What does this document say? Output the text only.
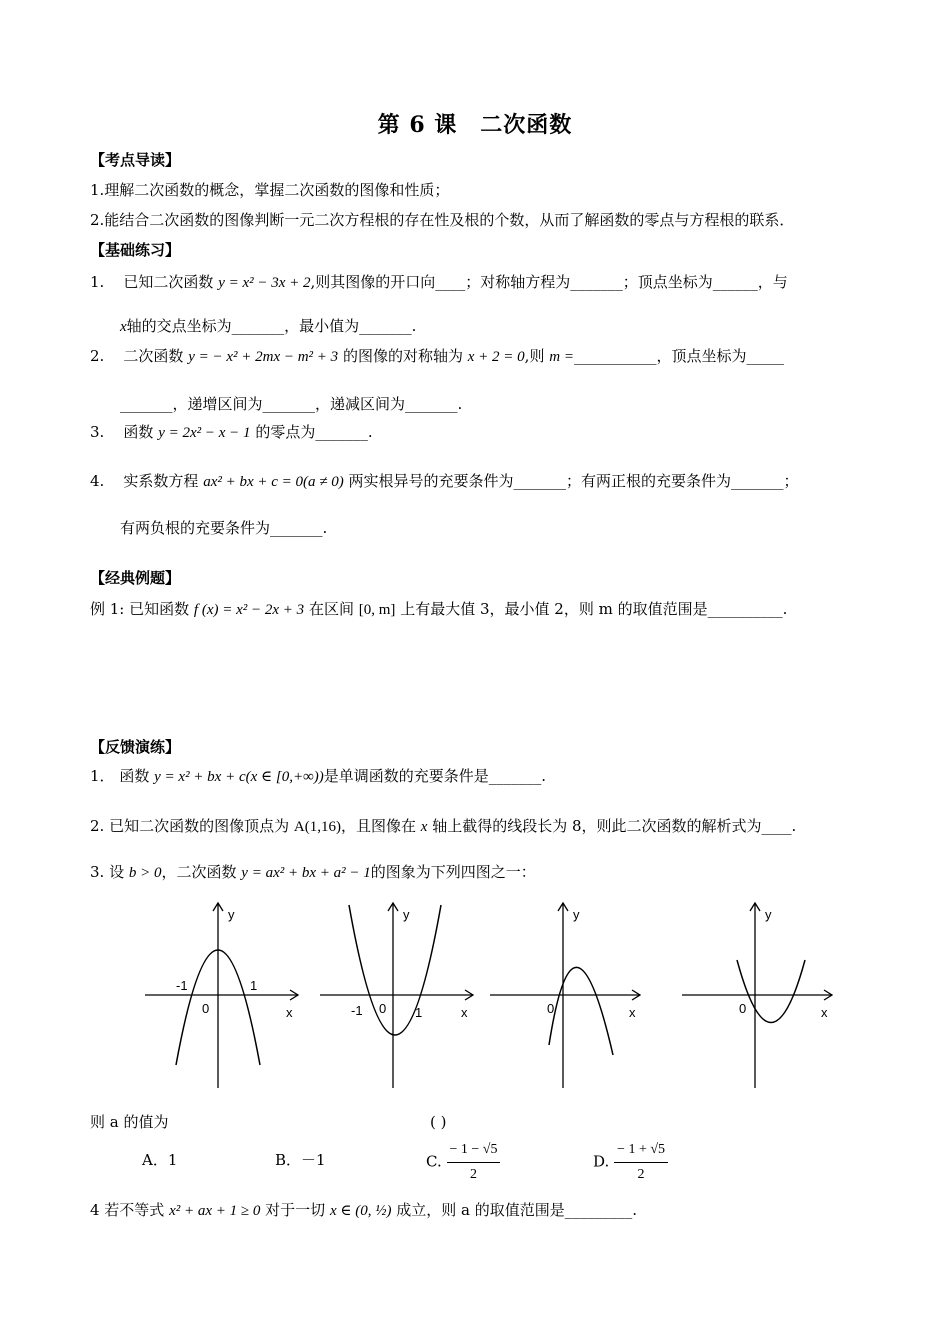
第 6 课　二次函数
【考点导读】
1.理解二次函数的概念，掌握二次函数的图像和性质；
2.能结合二次函数的图像判断一元二次方程根的存在性及根的个数，从而了解函数的零点与方程根的联系．
【基础练习】
1. 已知二次函数 y = x² − 3x + 2,则其图像的开口向____；对称轴方程为_______；顶点坐标为______，与
x轴的交点坐标为_______，最小值为_______.
2. 二次函数 y = − x² + 2mx − m² + 3 的图像的对称轴为 x + 2 = 0,则 m =___________，顶点坐标为_____
_______，递增区间为_______，递减区间为_______.
3. 函数 y = 2x² − x − 1 的零点为_______.
4. 实系数方程 ax² + bx + c = 0(a ≠ 0) 两实根异号的充要条件为_______；有两正根的充要条件为_______；
有两负根的充要条件为_______.
【经典例题】
例 1: 已知函数 f (x) = x² − 2x + 3 在区间 [0, m] 上有最大值 3，最小值 2，则 m 的取值范围是__________.
【反馈演练】
1． 函数 y = x² + bx + c(x ∈ [0,+∞))是单调函数的充要条件是_______.
2. 已知二次函数的图像顶点为 A(1,16)，且图像在 x 轴上截得的线段长为 8，则此二次函数的解析式为____.
3. 设 b > 0，二次函数 y = ax² + bx + a² − 1的图象为下列四图之一：
y
x
0
-1	1
y
x
0
-1	1
y
x
0
y
x
0
则 a 的值为	( )
A．1	B．－1	C. $\frac{- 1 - √5}{2}$	D. $\frac{- 1 + √5}{2}$
4 若不等式 x² + ax + 1 ≥ 0 对于一切 x ∈ (0, ½) 成立，则 a 的取值范围是_________.
